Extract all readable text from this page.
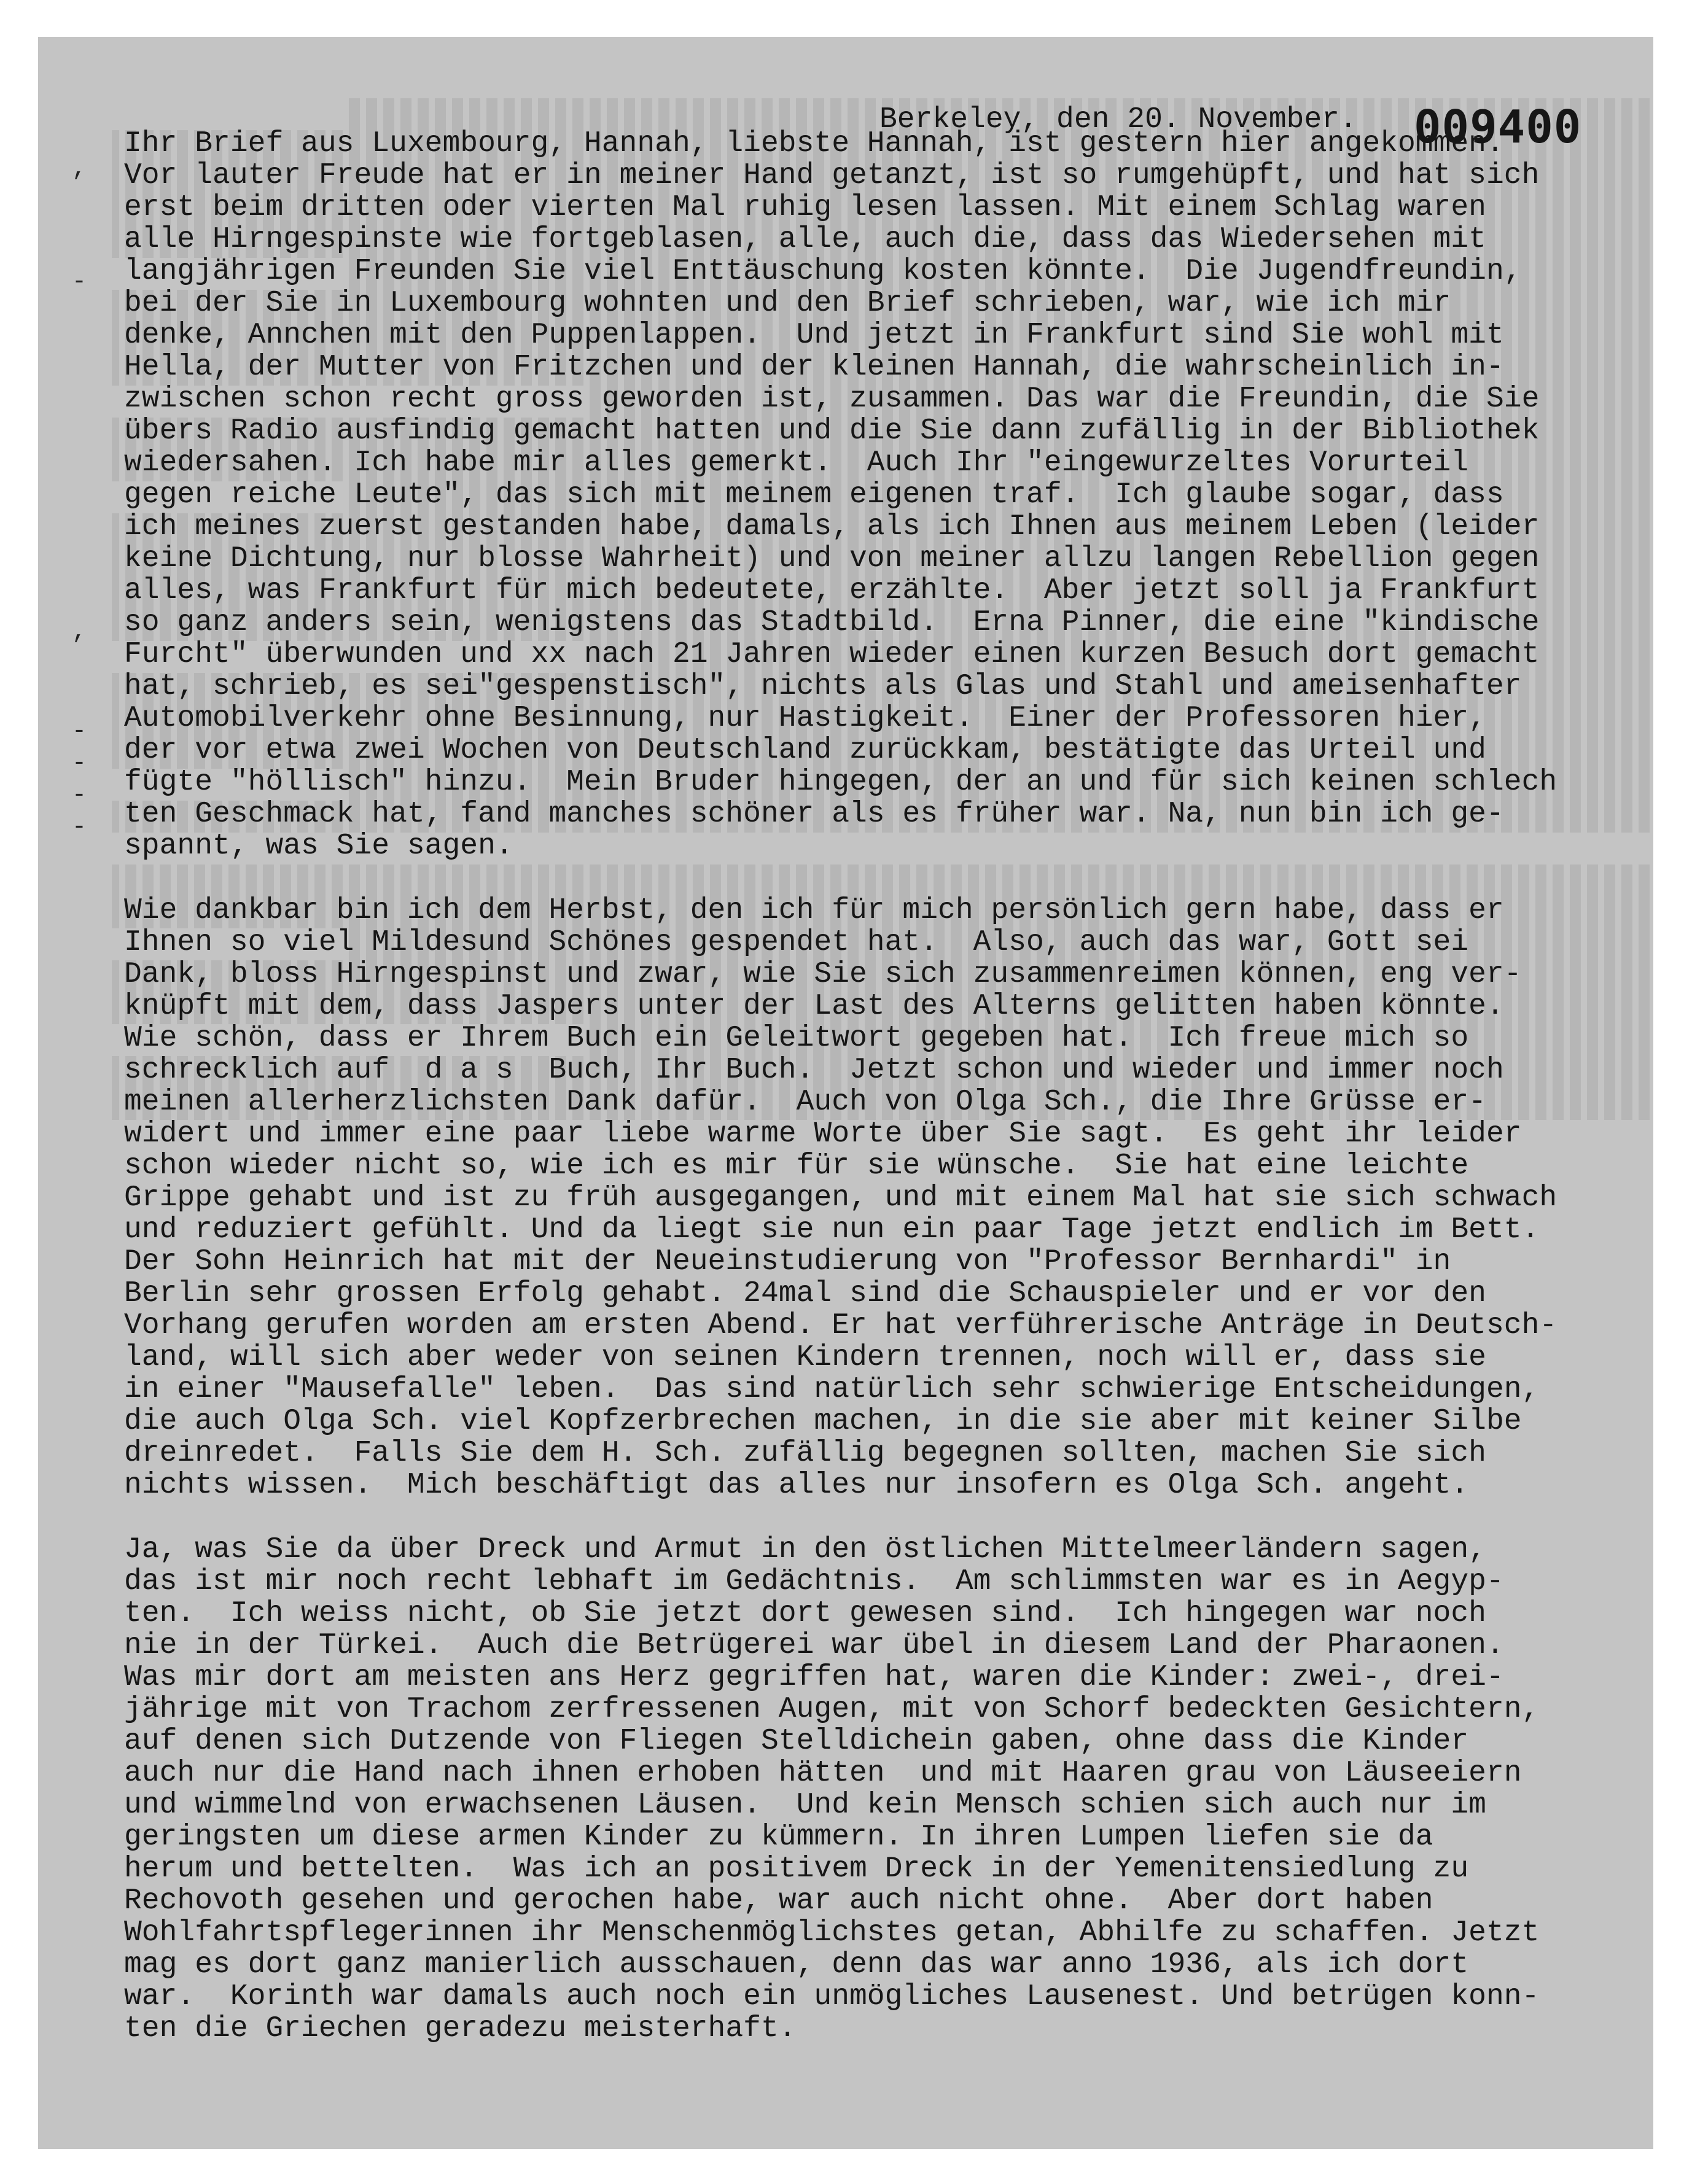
Berkeley, den 20. November. 009400
,
,
-
-
-
-
-
Ihr Brief aus Luxembourg, Hannah, liebste Hannah, ist gestern hier angekommen.
Vor lauter Freude hat er in meiner Hand getanzt, ist so rumgehüpft, und hat sich
erst beim dritten oder vierten Mal ruhig lesen lassen. Mit einem Schlag waren
alle Hirngespinste wie fortgeblasen, alle, auch die, dass das Wiedersehen mit
langjährigen Freunden Sie viel Enttäuschung kosten könnte.  Die Jugendfreundin,
bei der Sie in Luxembourg wohnten und den Brief schrieben, war, wie ich mir
denke, Annchen mit den Puppenlappen.  Und jetzt in Frankfurt sind Sie wohl mit
Hella, der Mutter von Fritzchen und der kleinen Hannah, die wahrscheinlich in-
zwischen schon recht gross geworden ist, zusammen. Das war die Freundin, die Sie
übers Radio ausfindig gemacht hatten und die Sie dann zufällig in der Bibliothek
wiedersahen. Ich habe mir alles gemerkt.  Auch Ihr "eingewurzeltes Vorurteil
gegen reiche Leute", das sich mit meinem eigenen traf.  Ich glaube sogar, dass
ich meines zuerst gestanden habe, damals, als ich Ihnen aus meinem Leben (leider
keine Dichtung, nur blosse Wahrheit) und von meiner allzu langen Rebellion gegen
alles, was Frankfurt für mich bedeutete, erzählte.  Aber jetzt soll ja Frankfurt
so ganz anders sein, wenigstens das Stadtbild.  Erna Pinner, die eine "kindische
Furcht" überwunden und xx nach 21 Jahren wieder einen kurzen Besuch dort gemacht
hat, schrieb, es sei"gespenstisch", nichts als Glas und Stahl und ameisenhafter
Automobilverkehr ohne Besinnung, nur Hastigkeit.  Einer der Professoren hier,
der vor etwa zwei Wochen von Deutschland zurückkam, bestätigte das Urteil und
fügte "höllisch" hinzu.  Mein Bruder hingegen, der an und für sich keinen schlech
ten Geschmack hat, fand manches schöner als es früher war. Na, nun bin ich ge-
spannt, was Sie sagen.
Wie dankbar bin ich dem Herbst, den ich für mich persönlich gern habe, dass er
Ihnen so viel Mildesund Schönes gespendet hat.  Also, auch das war, Gott sei
Dank, bloss Hirngespinst und zwar, wie Sie sich zusammenreimen können, eng ver-
knüpft mit dem, dass Jaspers unter der Last des Alterns gelitten haben könnte.
Wie schön, dass er Ihrem Buch ein Geleitwort gegeben hat.  Ich freue mich so
schrecklich auf  d a s  Buch, Ihr Buch.  Jetzt schon und wieder und immer noch
meinen allerherzlichsten Dank dafür.  Auch von Olga Sch., die Ihre Grüsse er-
widert und immer eine paar liebe warme Worte über Sie sagt.  Es geht ihr leider
schon wieder nicht so, wie ich es mir für sie wünsche.  Sie hat eine leichte
Grippe gehabt und ist zu früh ausgegangen, und mit einem Mal hat sie sich schwach
und reduziert gefühlt. Und da liegt sie nun ein paar Tage jetzt endlich im Bett.
Der Sohn Heinrich hat mit der Neueinstudierung von "Professor Bernhardi" in
Berlin sehr grossen Erfolg gehabt. 24mal sind die Schauspieler und er vor den
Vorhang gerufen worden am ersten Abend. Er hat verführerische Anträge in Deutsch-
land, will sich aber weder von seinen Kindern trennen, noch will er, dass sie
in einer "Mausefalle" leben.  Das sind natürlich sehr schwierige Entscheidungen,
die auch Olga Sch. viel Kopfzerbrechen machen, in die sie aber mit keiner Silbe
dreinredet.  Falls Sie dem H. Sch. zufällig begegnen sollten, machen Sie sich
nichts wissen.  Mich beschäftigt das alles nur insofern es Olga Sch. angeht.
Ja, was Sie da über Dreck und Armut in den östlichen Mittelmeerländern sagen,
das ist mir noch recht lebhaft im Gedächtnis.  Am schlimmsten war es in Aegyp-
ten.  Ich weiss nicht, ob Sie jetzt dort gewesen sind.  Ich hingegen war noch
nie in der Türkei.  Auch die Betrügerei war übel in diesem Land der Pharaonen.
Was mir dort am meisten ans Herz gegriffen hat, waren die Kinder: zwei-, drei-
jährige mit von Trachom zerfressenen Augen, mit von Schorf bedeckten Gesichtern,
auf denen sich Dutzende von Fliegen Stelldichein gaben, ohne dass die Kinder
auch nur die Hand nach ihnen erhoben hätten  und mit Haaren grau von Läuseeiern
und wimmelnd von erwachsenen Läusen.  Und kein Mensch schien sich auch nur im
geringsten um diese armen Kinder zu kümmern. In ihren Lumpen liefen sie da
herum und bettelten.  Was ich an positivem Dreck in der Yemenitensiedlung zu
Rechovoth gesehen und gerochen habe, war auch nicht ohne.  Aber dort haben
Wohlfahrtspflegerinnen ihr Menschenmöglichstes getan, Abhilfe zu schaffen. Jetzt
mag es dort ganz manierlich ausschauen, denn das war anno 1936, als ich dort
war.  Korinth war damals auch noch ein unmögliches Lausenest. Und betrügen konn-
ten die Griechen geradezu meisterhaft.
